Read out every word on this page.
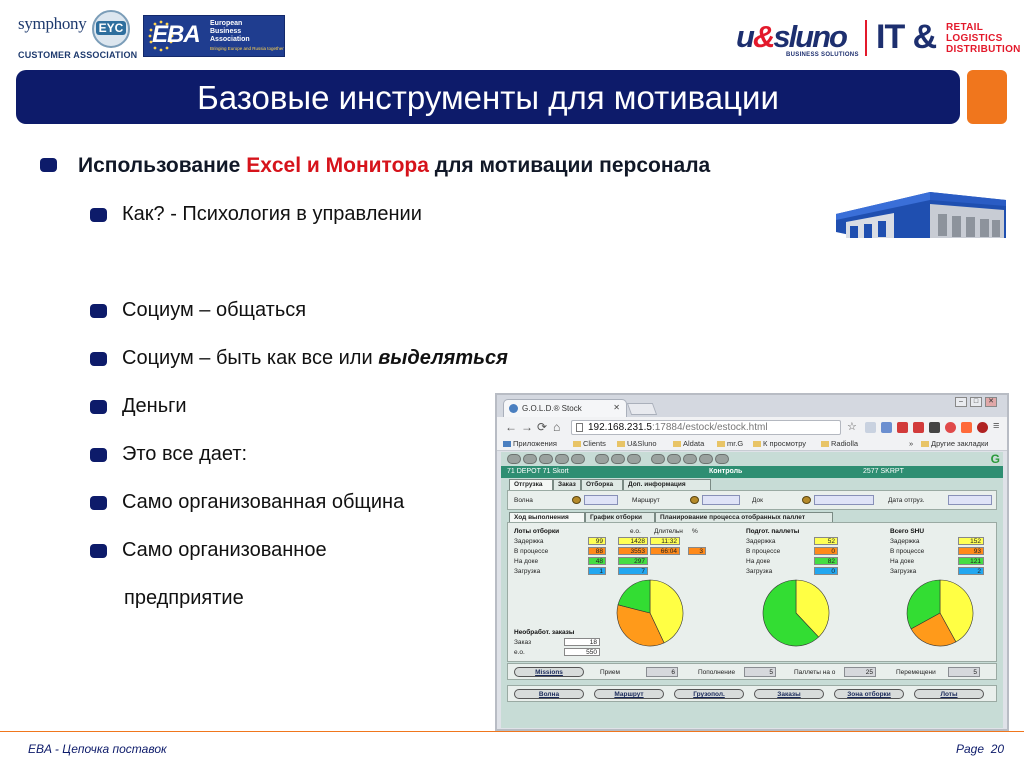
symphony EYC
CUSTOMER ASSOCIATION
EBA European
Business
Association
Bringing Europe and Russia together	u&sluno
BUSINESS SOLUTIONS IT & RETAIL
LOGISTICS
DISTRIBUTION
Базовые инструменты для мотивации
Использование Excel и Монитора для мотивации персонала
Как? - Психология в управлении
Социум – общаться
Социум – быть как все или выделяться
Деньги
Это все дает:
Само организованная община
Само организованное
предприятие
G.O.L.D.® Stock	✕
–	□	✕
← → ⟳ ⌂	192.168.231.5:17884/estock/estock.html	☆	≡
Приложения	Clients	U&Sluno	Aldata	mr.G	К просмотру	Radiolla	»	Другие закладки
G
71 DEPOT 71 Skort	Контроль	2577 SKRPT
Отгрузка	Заказ	Отборка	Доп. информация
Волна	Маршрут	Док	Дата отгруз.
Ход выполнения	График отборки	Планирование процесса отобранных паллет
Лоты отборки	е.о. Длительн %
Задержка	99	1428	11:32
В процессе	88	3553	66:04	3
На доке	48	297
Загрузка	1	7
Подгот. паллеты
Задержка	52
В процессе	0
На доке	82
Загрузка	0
Всего SHU
Задержка	152
В процессе	93
На доке	121
Загрузка	2
Необработ. заказы
Заказ	18
е.о.	550
Missions	Прием	6	Пополнение	5	Паллеты на о	25	Перемещени	5
Волна	Маршрут	Грузопол.	Заказы	Зона отборки	Лоты
EBA - Цепочка поставок	Page 20
